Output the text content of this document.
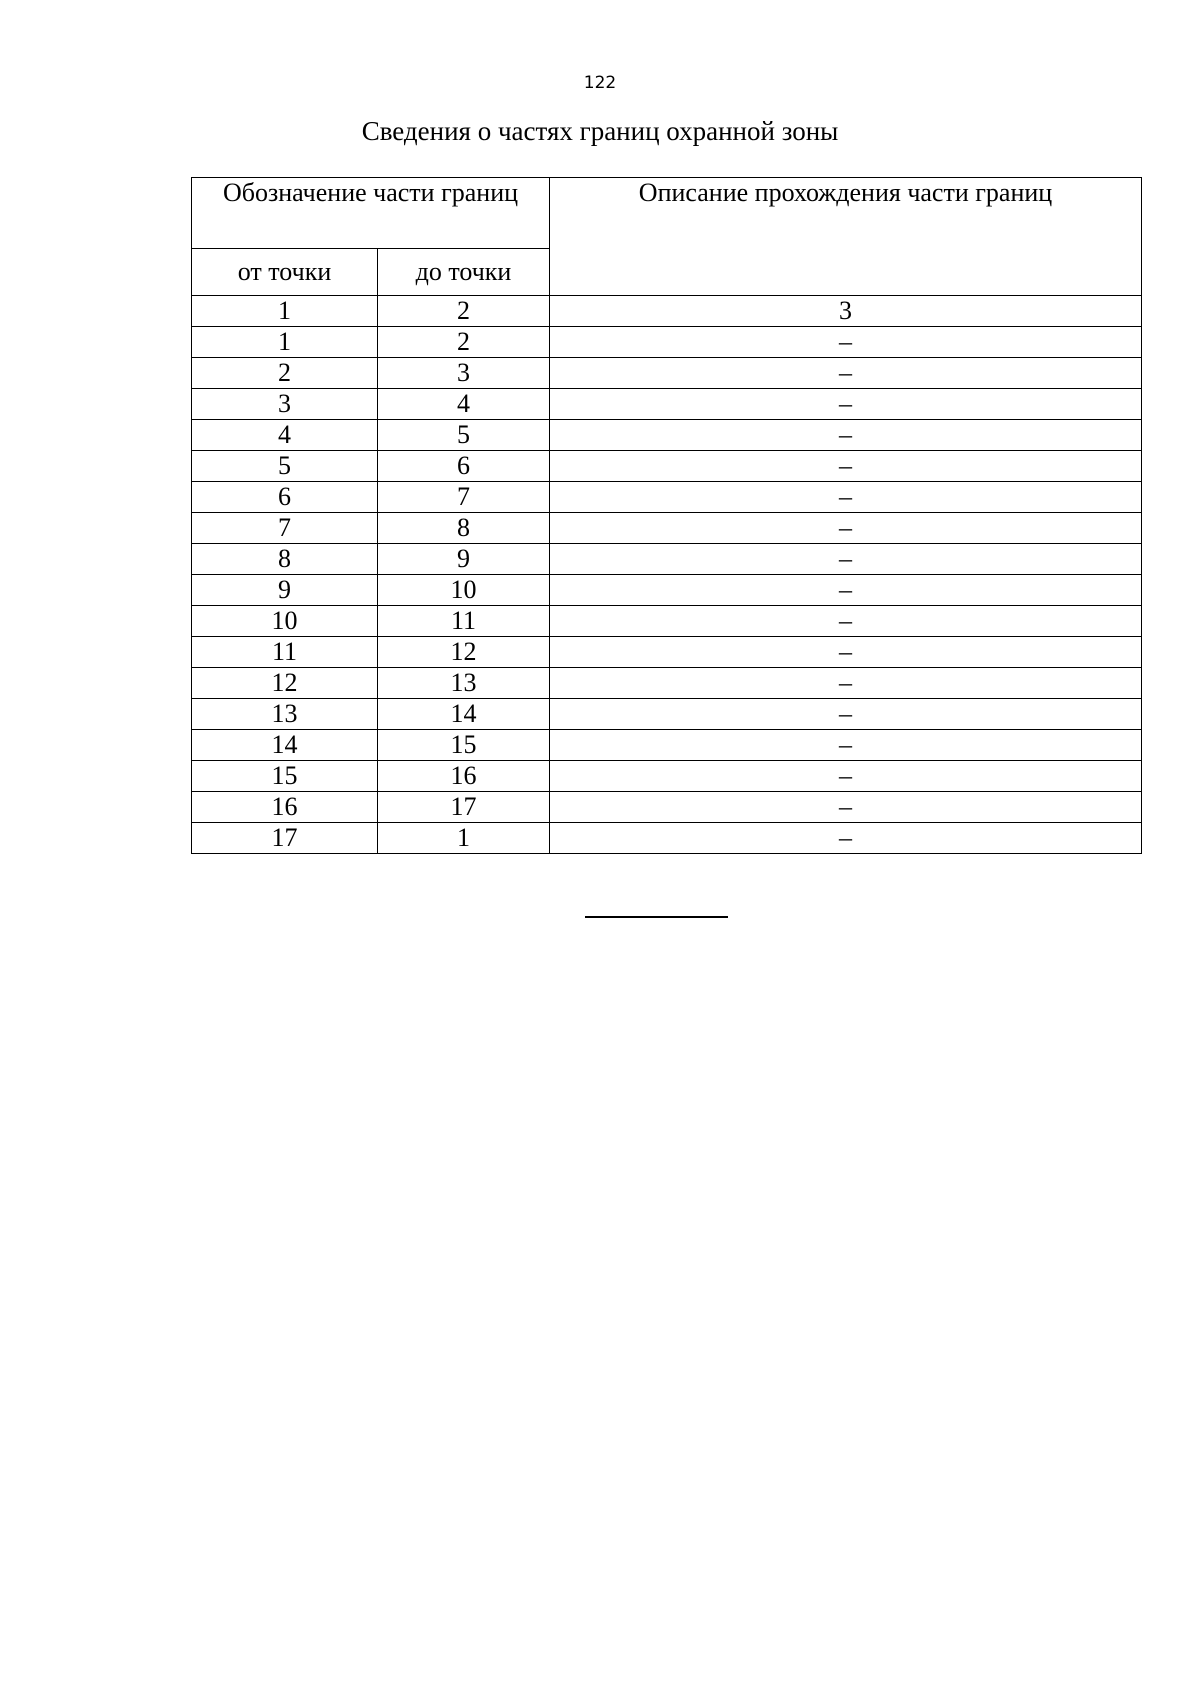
122
Сведения о частях границ охранной зоны
Обозначение части границ		Описание прохождения части границ
от точки	до точки	
1	2	3
1	2	–
2	3	–
3	4	–
4	5	–
5	6	–
6	7	–
7	8	–
8	9	–
9	10	–
10	11	–
11	12	–
12	13	–
13	14	–
14	15	–
15	16	–
16	17	–
17	1	–
